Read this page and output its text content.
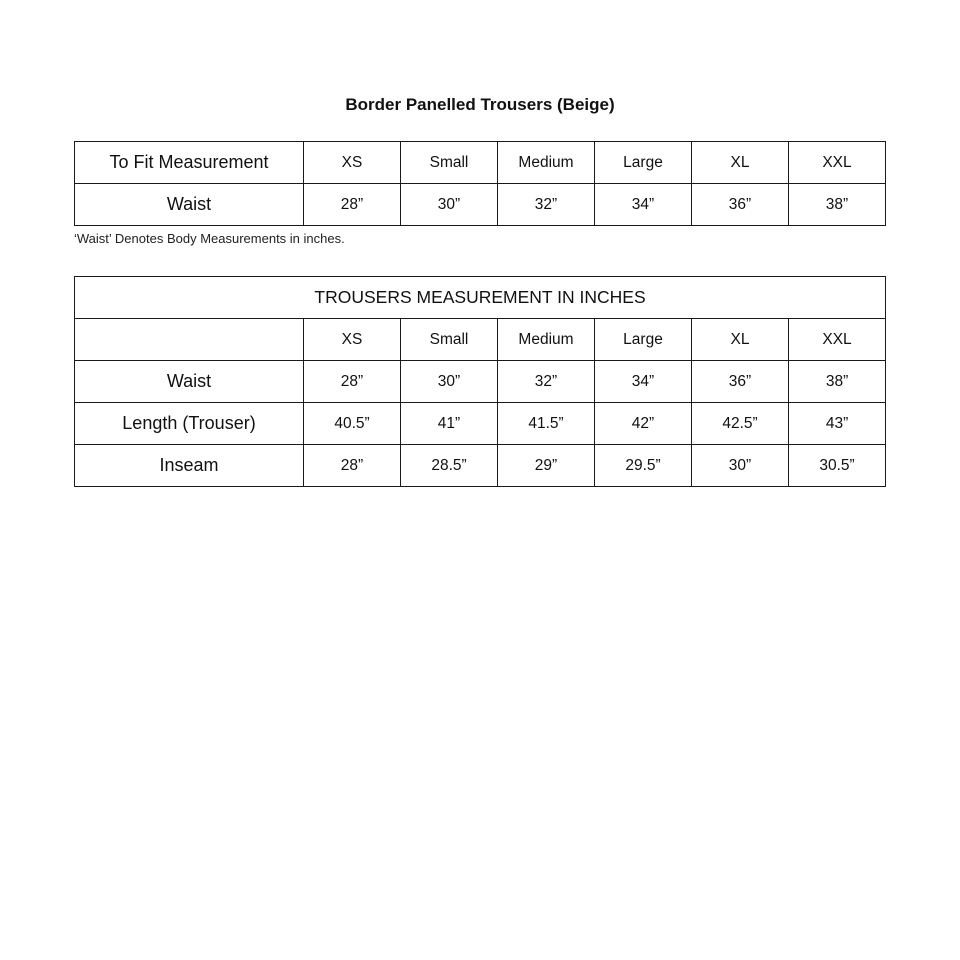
Border Panelled Trousers (Beige)
To Fit Measurement	XS	Small	Medium	Large	XL	XXL
Waist	28”	30”	32”	34”	36”	38”
‘Waist’ Denotes Body Measurements in inches.
TROUSERS MEASUREMENT IN INCHES						
	XS	Small	Medium	Large	XL	XXL
Waist	28”	30”	32”	34”	36”	38”
Length (Trouser)	40.5”	41”	41.5”	42”	42.5”	43”
Inseam	28”	28.5”	29”	29.5”	30”	30.5”
